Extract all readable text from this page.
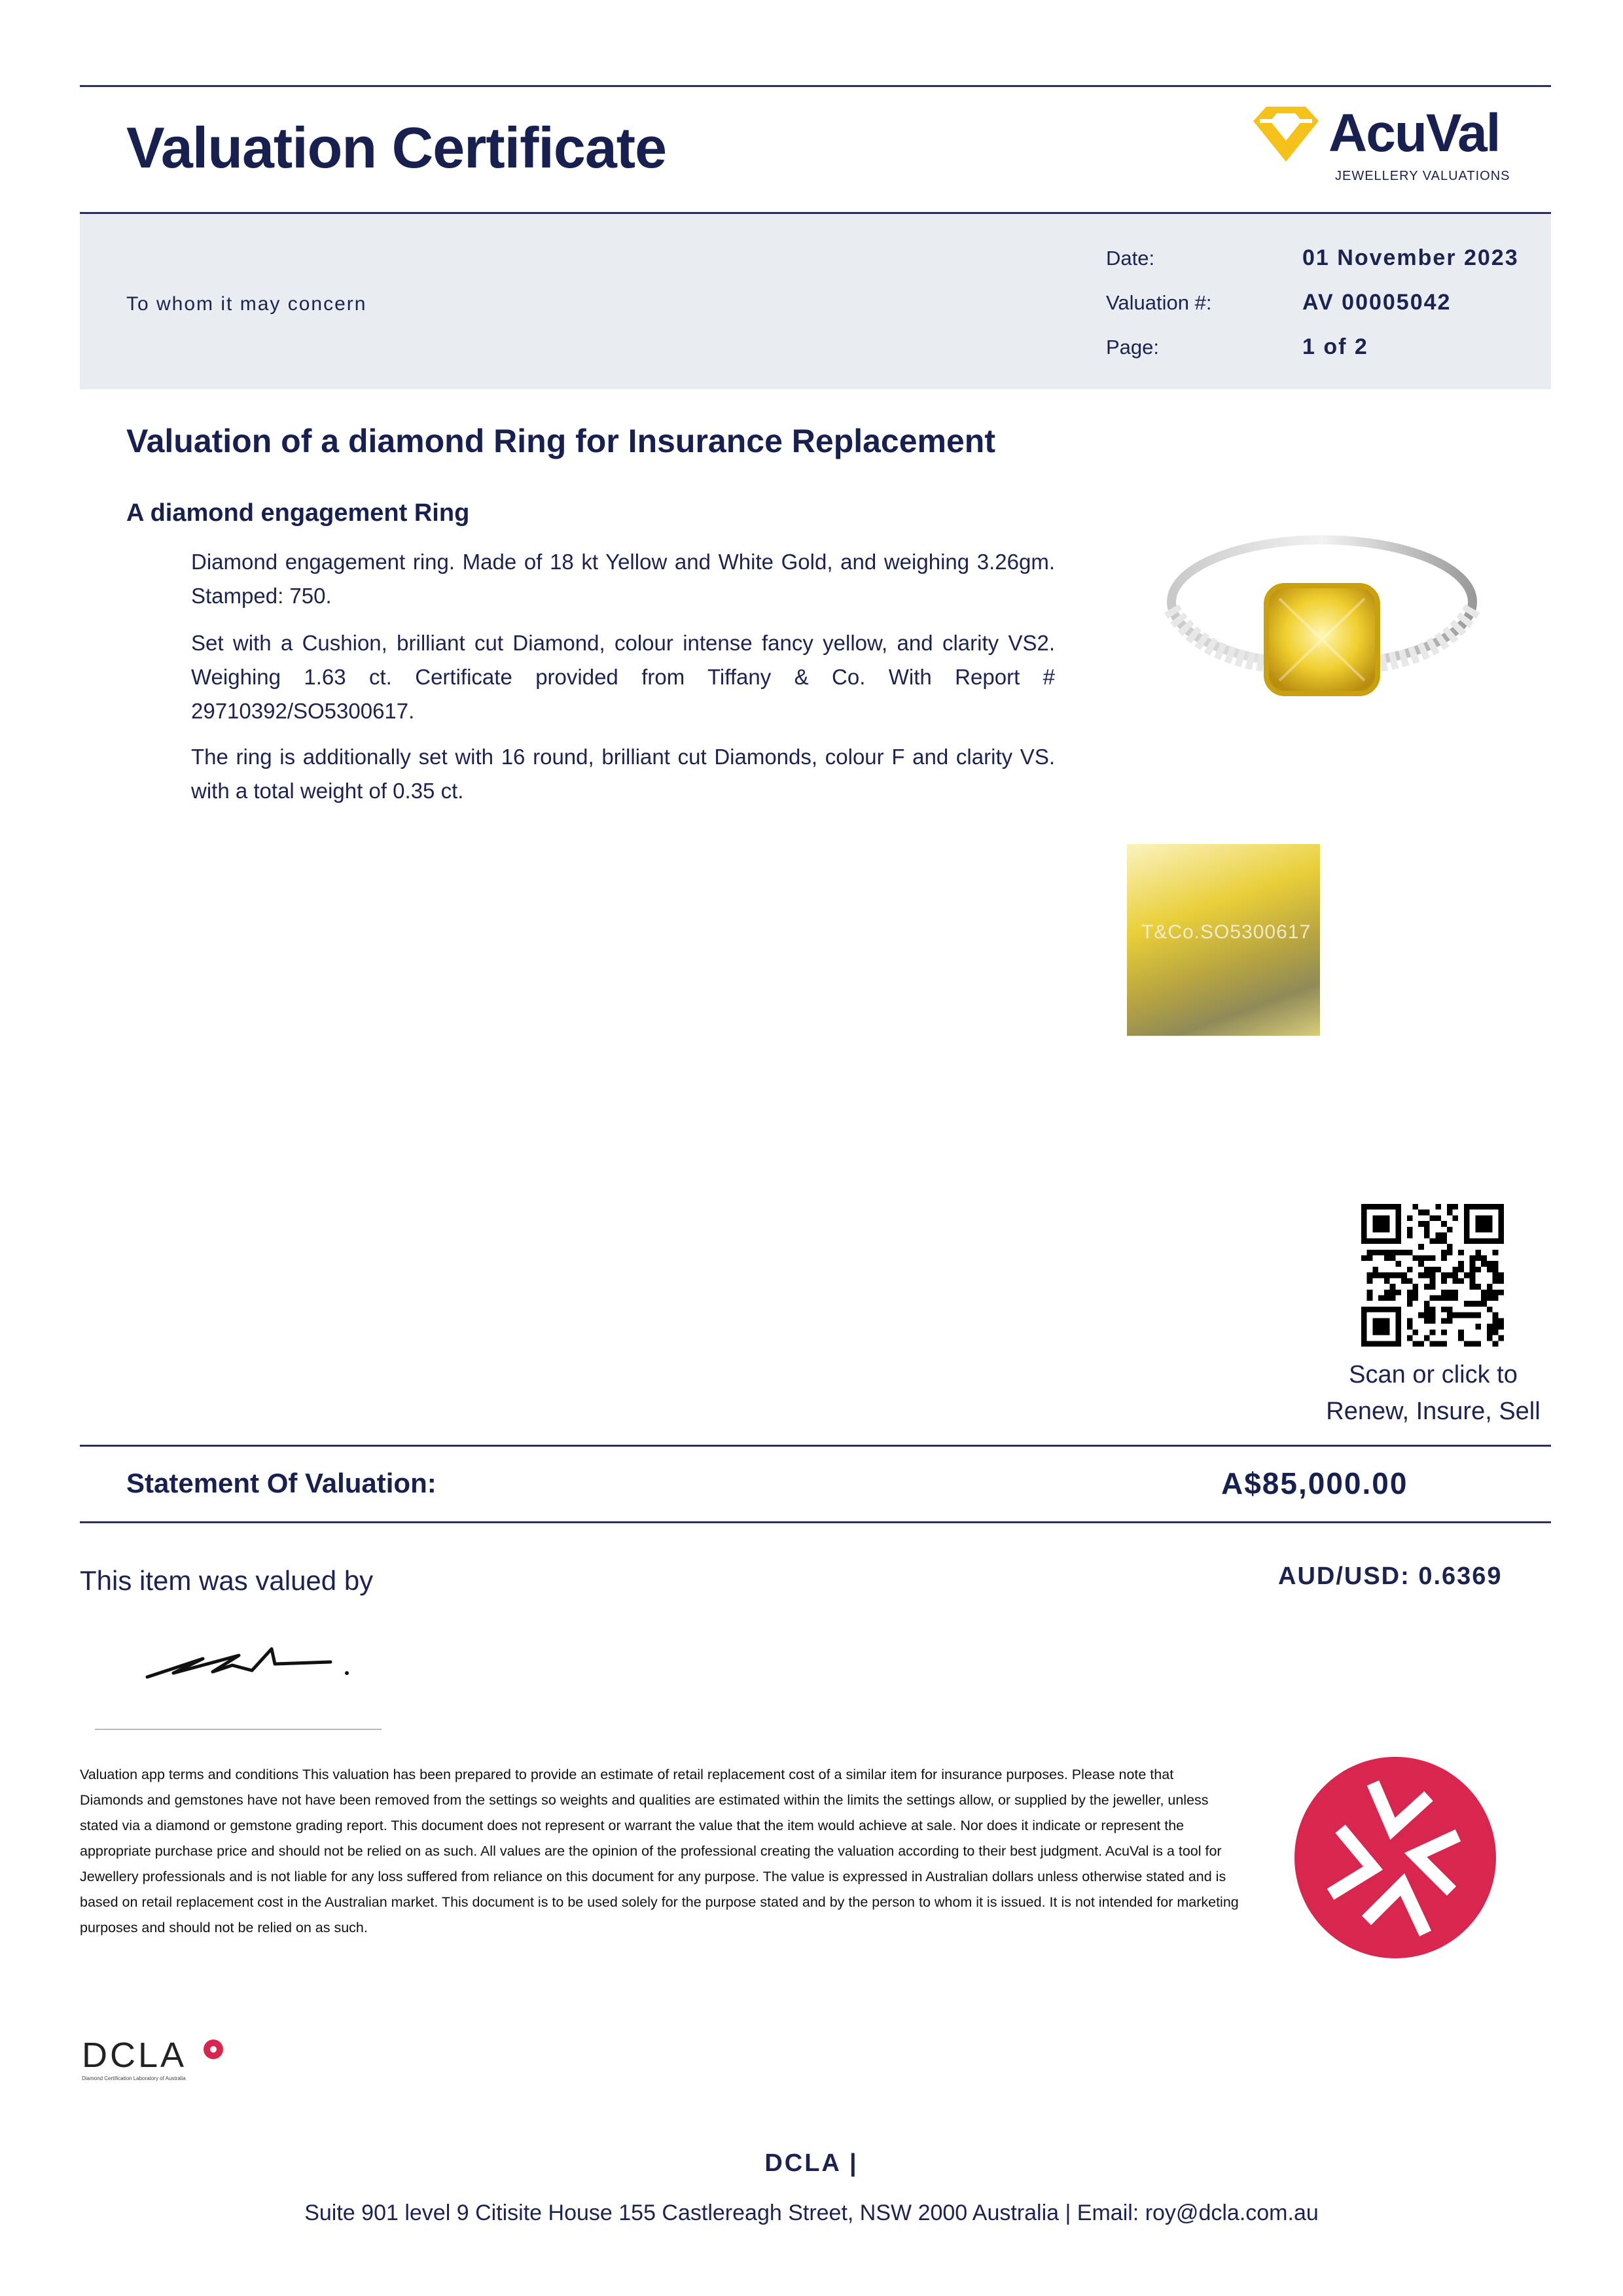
Valuation Certificate	AcuVal
JEWELLERY VALUATIONS
To whom it may concern
Date:	01 November 2023
Valuation #:	AV 00005042
Page:	1 of 2
Valuation of a diamond Ring for Insurance Replacement
A diamond engagement Ring
Diamond engagement ring. Made of 18 kt Yellow and White Gold, and weighing 3.26gm. Stamped: 750.
Set with a Cushion, brilliant cut Diamond, colour intense fancy yellow, and clarity VS2. Weighing 1.63 ct. Certificate provided from Tiffany & Co. With Report # 29710392/SO5300617.
The ring is additionally set with 16 round, brilliant cut Diamonds, colour F and clarity VS. with a total weight of 0.35 ct.
T&Co.SO5300617
Scan or click to
Renew, Insure, Sell
Statement Of Valuation:	A$85,000.00
This item was valued by	AUD/USD: 0.6369
Valuation app terms and conditions This valuation has been prepared to provide an estimate of retail replacement cost of a similar item for insurance purposes. Please note that Diamonds and gemstones have not have been removed from the settings so weights and qualities are estimated within the limits the settings allow, or supplied by the jeweller, unless stated via a diamond or gemstone grading report. This document does not represent or warrant the value that the item would achieve at sale. Nor does it indicate or represent the appropriate purchase price and should not be relied on as such. All values are the opinion of the professional creating the valuation according to their best judgment. AcuVal is a tool for Jewellery professionals and is not liable for any loss suffered from reliance on this document for any purpose. The value is expressed in Australian dollars unless otherwise stated and is based on retail replacement cost in the Australian market. This document is to be used solely for the purpose stated and by the person to whom it is issued. It is not intended for marketing purposes and should not be relied on as such.
DCLA
Diamond Certification Laboratory of Australia
DCLA |
Suite 901 level 9 Citisite House 155 Castlereagh Street, NSW 2000 Australia | Email: roy@dcla.com.au
